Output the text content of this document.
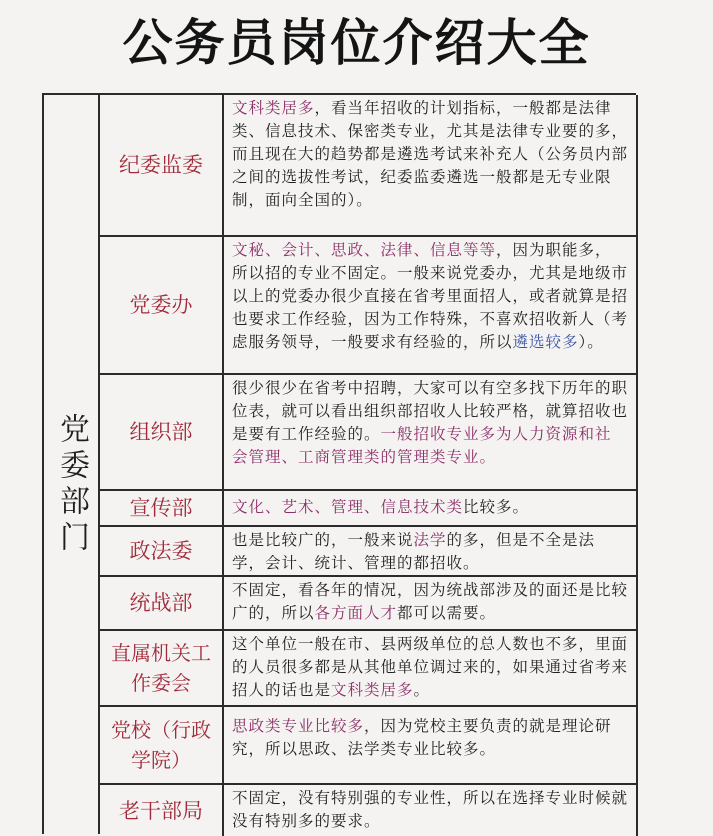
公务员岗位介绍大全
党委部门
纪委监委
文科类居多，看当年招收的计划指标，一般都是法律类、信息技术、保密类专业，尤其是法律专业要的多，而且现在大的趋势都是遴选考试来补充人（公务员内部之间的选拔性考试，纪委监委遴选一般都是无专业限制，面向全国的）。
党委办
文秘、会计、思政、法律、信息等等，因为职能多，所以招的专业不固定。一般来说党委办，尤其是地级市以上的党委办很少直接在省考里面招人，或者就算是招也要求工作经验，因为工作特殊，不喜欢招收新人（考虑服务领导，一般要求有经验的，所以遴选较多）。
组织部
很少很少在省考中招聘，大家可以有空多找下历年的职位表，就可以看出组织部招收人比较严格，就算招收也是要有工作经验的。一般招收专业多为人力资源和社会管理、工商管理类的管理类专业。
宣传部	文化、艺术、管理、信息技术类比较多。
政法委	也是比较广的，一般来说法学的多，但是不全是法学，会计、统计、管理的都招收。
统战部
不固定，看各年的情况，因为统战部涉及的面还是比较广的，所以各方面人才都可以需要。
直属机关工作委会
这个单位一般在市、县两级单位的总人数也不多，里面的人员很多都是从其他单位调过来的，如果通过省考来招人的话也是文科类居多。
党校（行政学院）
思政类专业比较多，因为党校主要负责的就是理论研究，所以思政、法学类专业比较多。
老干部局
不固定，没有特别强的专业性，所以在选择专业时候就没有特别多的要求。
